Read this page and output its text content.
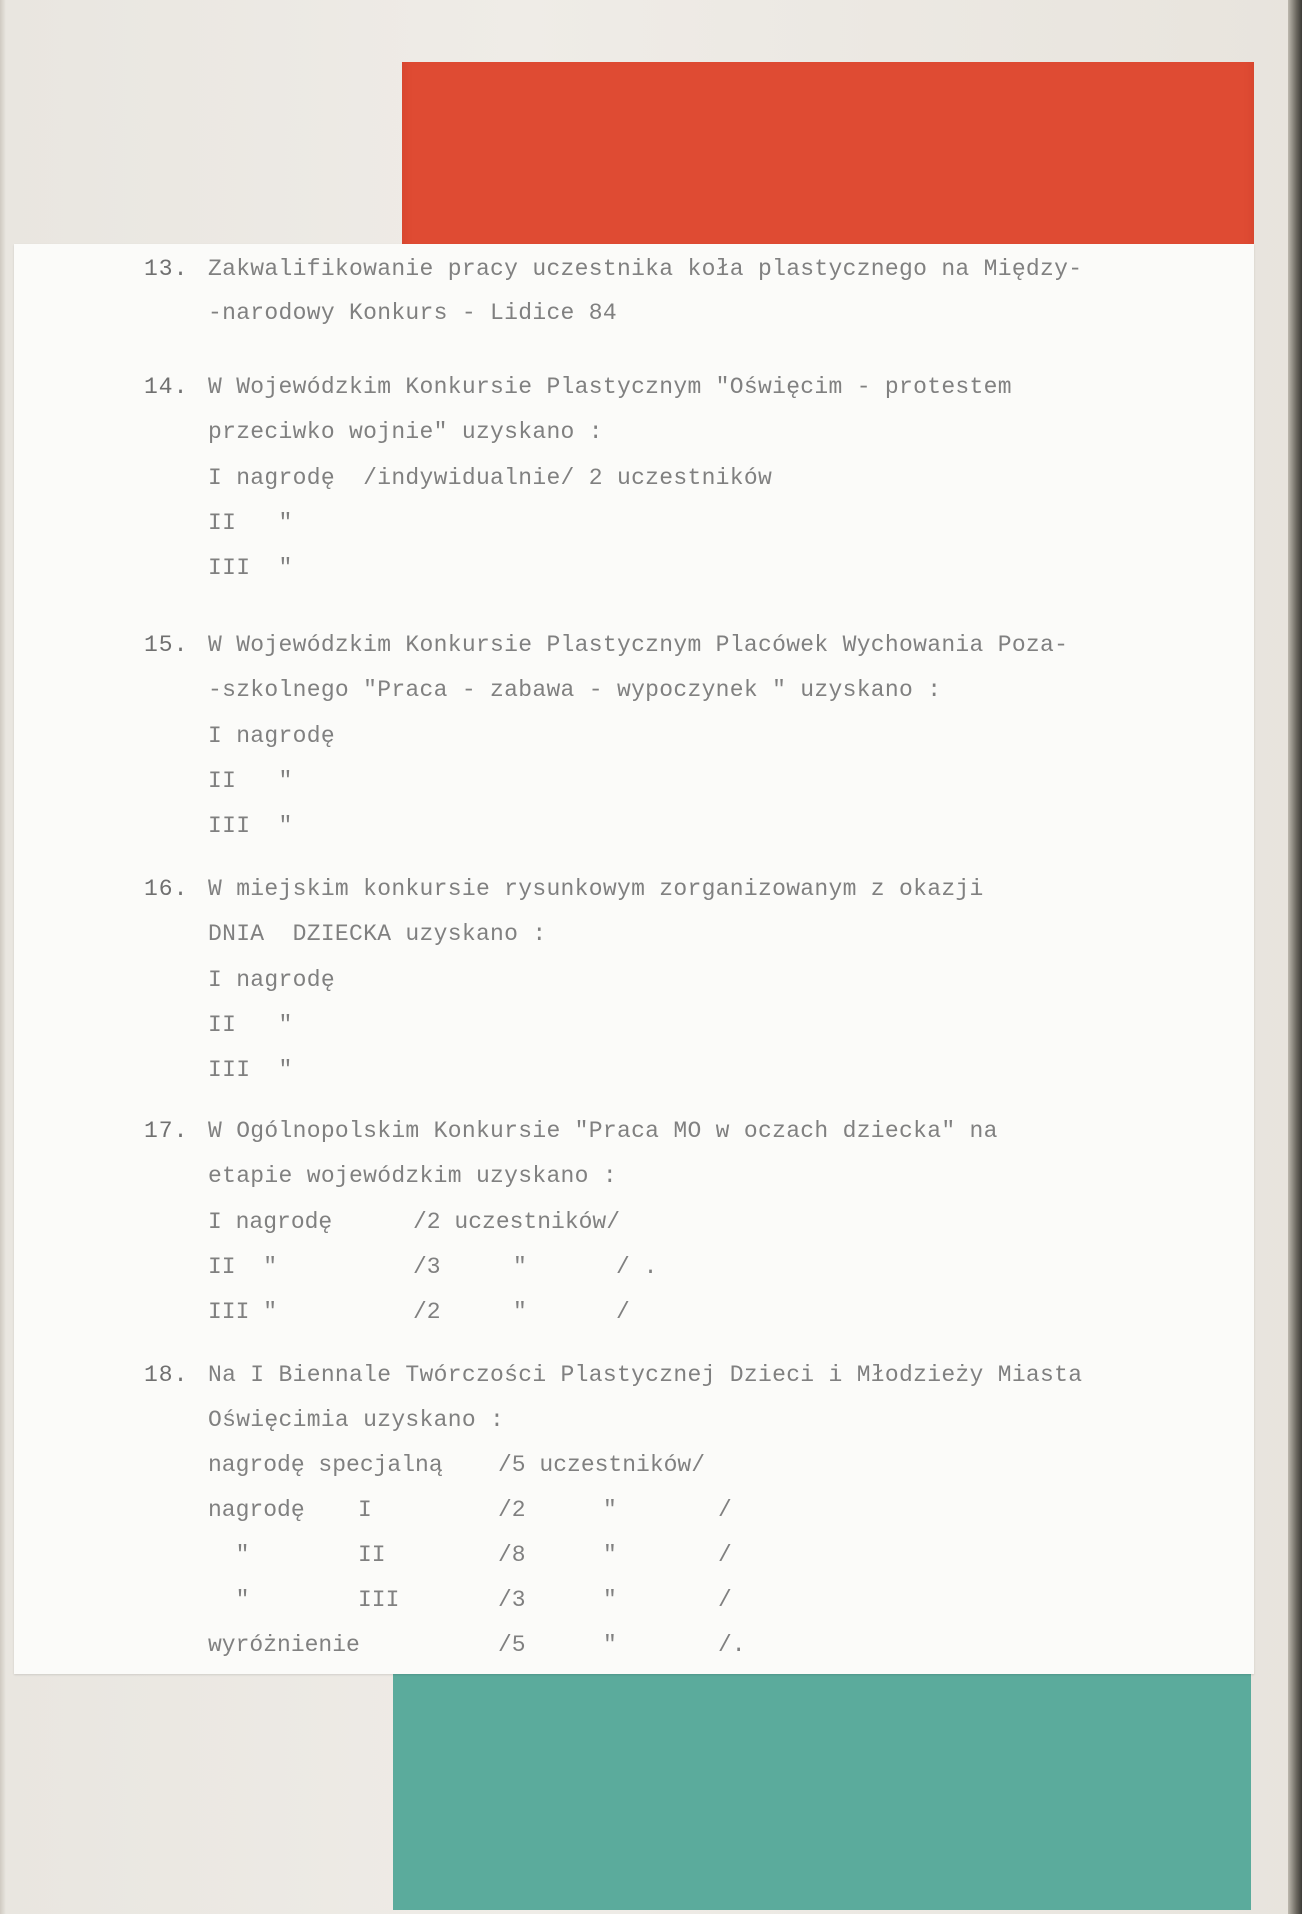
13. Zakwalifikowanie pracy uczestnika koła plastycznego na Między-
-narodowy Konkurs - Lidice 84
14. W Wojewódzkim Konkursie Plastycznym "Oświęcim - protestem
przeciwko wojnie" uzyskano :
I nagrodę  /indywidualnie/ 2 uczestników
II   "
III  "
15. W Wojewódzkim Konkursie Plastycznym Placówek Wychowania Poza-
-szkolnego "Praca - zabawa - wypoczynek " uzyskano :
I nagrodę
II   "
III  "
16. W miejskim konkursie rysunkowym zorganizowanym z okazji
DNIA  DZIECKA uzyskano :
I nagrodę
II   "
III  "
17. W Ogólnopolskim Konkursie "Praca MO w oczach dziecka" na
etapie wojewódzkim uzyskano :
I nagrodę	/2 uczestników/
II  "	/3	"	/ .
III "	/2	"	/
18. Na I Biennale Twórczości Plastycznej Dzieci i Młodzieży Miasta
Oświęcimia uzyskano :
nagrodę specjalną /5 uczestników/
nagrodę I	/2	"	/
"	II	/8	"	/
"	III	/3	"	/
wyróżnienie	/5	"	/.
